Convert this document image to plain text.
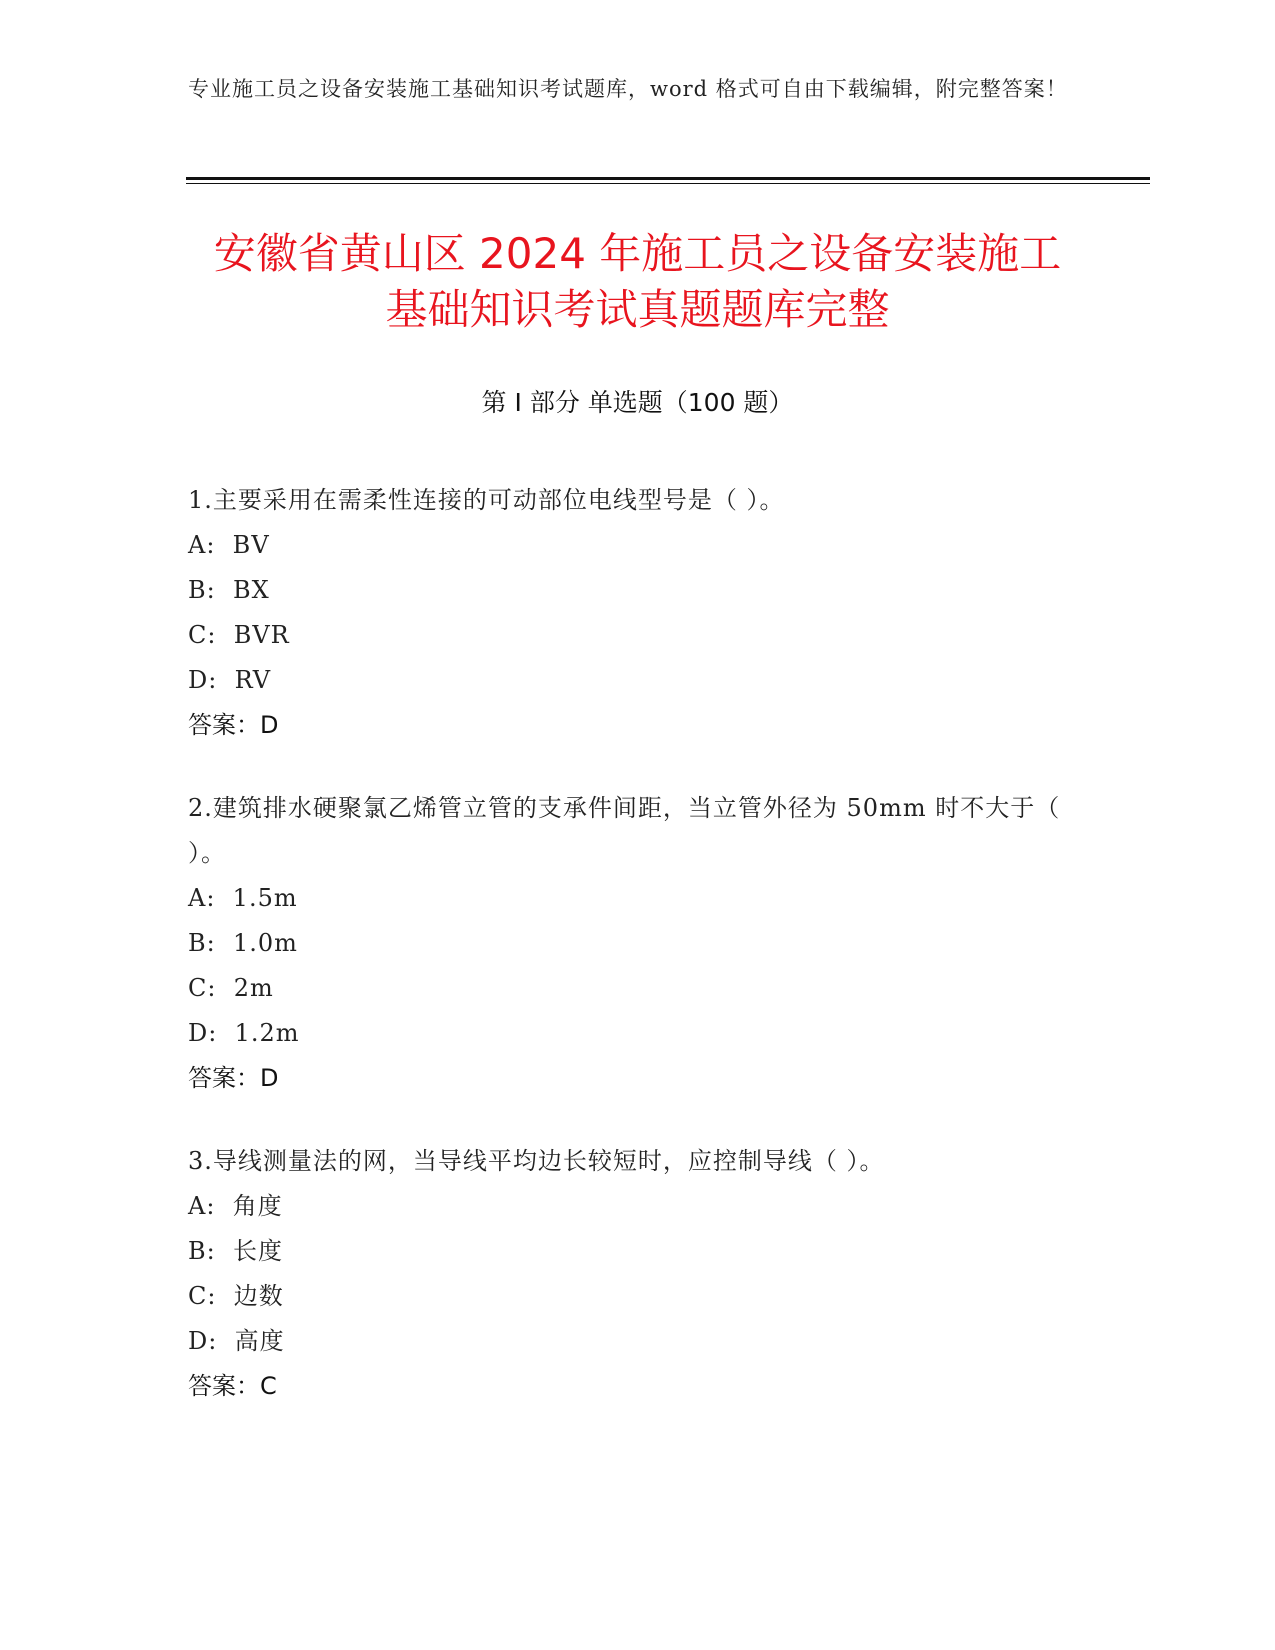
专业施工员之设备安装施工基础知识考试题库，word 格式可自由下载编辑，附完整答案！
安徽省黄山区 2024 年施工员之设备安装施工
基础知识考试真题题库完整
第 I 部分 单选题（100 题）
1.主要采用在需柔性连接的可动部位电线型号是（ ）。
A:  BV
B:  BX
C:  BVR
D:  RV
答案：D
2.建筑排水硬聚氯乙烯管立管的支承件间距，当立管外径为 50mm 时不大于（ ）。
A:  1.5m
B:  1.0m
C:  2m
D:  1.2m
答案：D
3.导线测量法的网，当导线平均边长较短时，应控制导线（ ）。
A:  角度
B:  长度
C:  边数
D:  高度
答案：C
